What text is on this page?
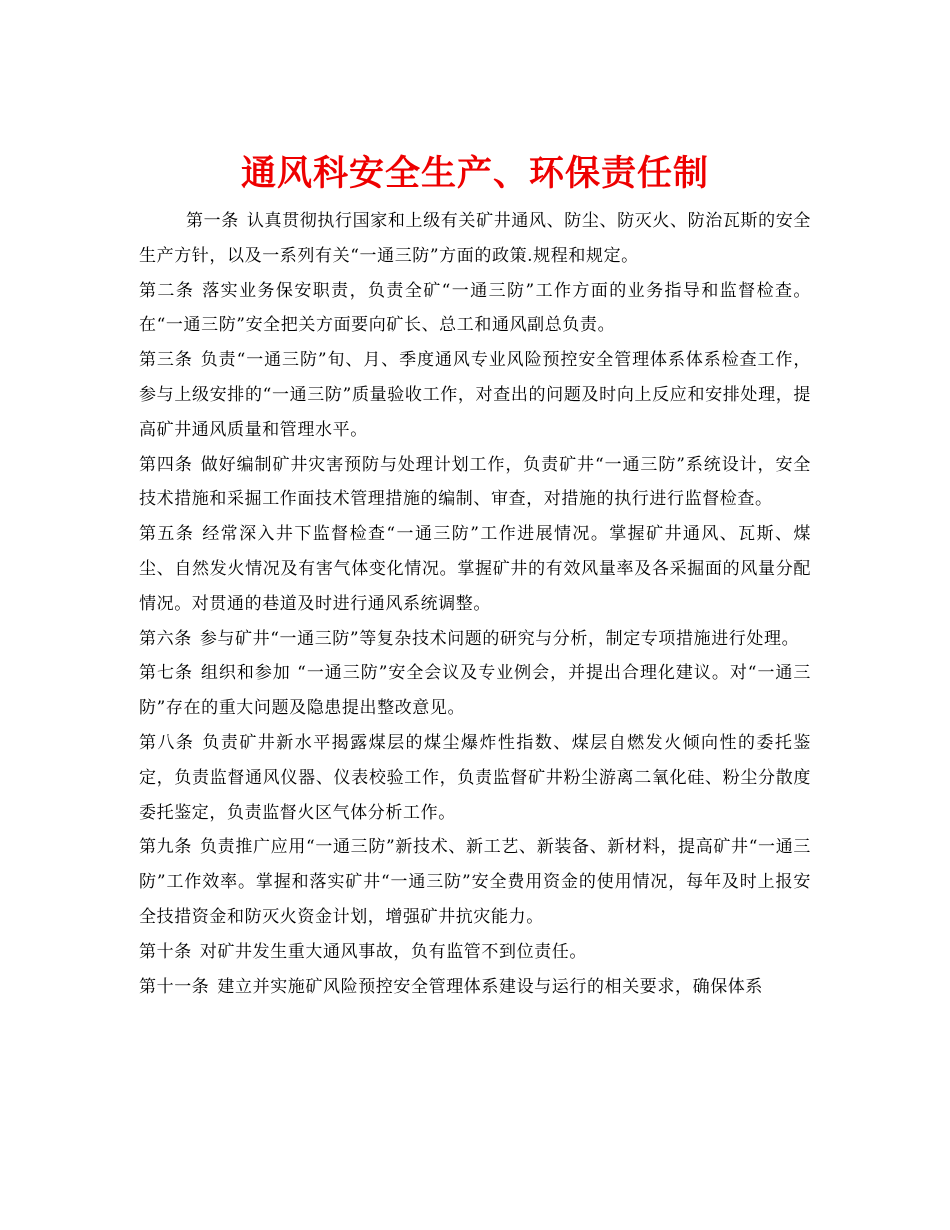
通风科安全生产、环保责任制

第一条 认真贯彻执行国家和上级有关矿井通风、防尘、防灭火、防治瓦斯的安全生产方针，以及一系列有关“一通三防”方面的政策.规程和规定。

第二条 落实业务保安职责，负责全矿“一通三防”工作方面的业务指导和监督检查。在“一通三防”安全把关方面要向矿长、总工和通风副总负责。

第三条 负责“一通三防”旬、月、季度通风专业风险预控安全管理体系体系检查工作，参与上级安排的“一通三防”质量验收工作，对查出的问题及时向上反应和安排处理，提高矿井通风质量和管理水平。

第四条 做好编制矿井灾害预防与处理计划工作，负责矿井“一通三防”系统设计，安全技术措施和采掘工作面技术管理措施的编制、审查，对措施的执行进行监督检查。

第五条 经常深入井下监督检查“一通三防”工作进展情况。掌握矿井通风、瓦斯、煤尘、自然发火情况及有害气体变化情况。掌握矿井的有效风量率及各采掘面的风量分配情况。对贯通的巷道及时进行通风系统调整。

第六条 参与矿井“一通三防”等复杂技术问题的研究与分析，制定专项措施进行处理。

第七条 组织和参加 “一通三防”安全会议及专业例会，并提出合理化建议。对“一通三防”存在的重大问题及隐患提出整改意见。

第八条 负责矿井新水平揭露煤层的煤尘爆炸性指数、煤层自燃发火倾向性的委托鉴定，负责监督通风仪器、仪表校验工作，负责监督矿井粉尘游离二氧化硅、粉尘分散度委托鉴定，负责监督火区气体分析工作。

第九条 负责推广应用“一通三防”新技术、新工艺、新装备、新材料，提高矿井“一通三防”工作效率。掌握和落实矿井“一通三防”安全费用资金的使用情况，每年及时上报安全技措资金和防灭火资金计划，增强矿井抗灾能力。

第十条 对矿井发生重大通风事故，负有监管不到位责任。

第十一条 建立并实施矿风险预控安全管理体系建设与运行的相关要求，确保体系
